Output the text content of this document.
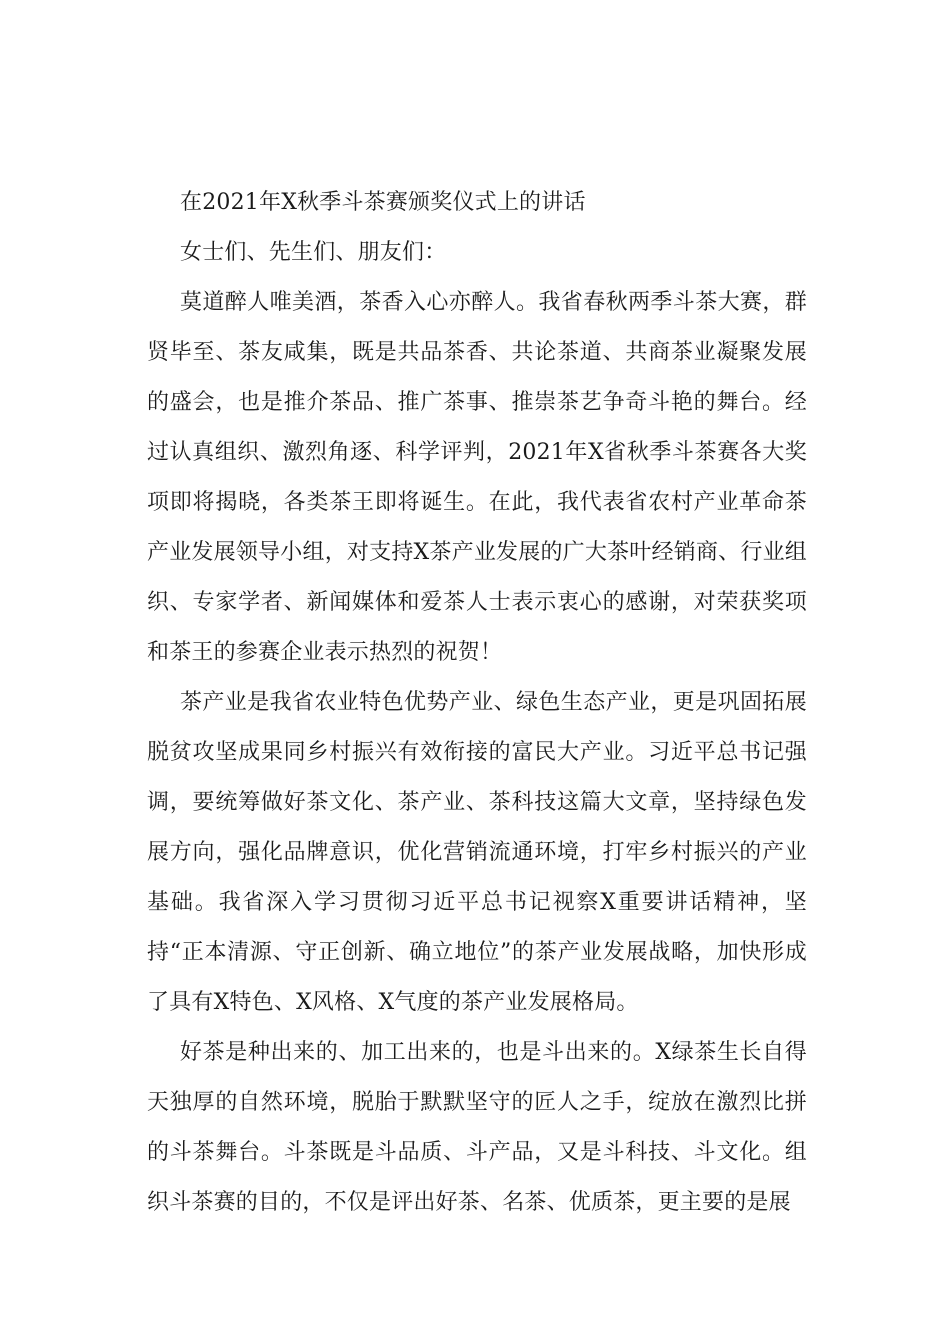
在2021年X秋季斗茶赛颁奖仪式上的讲话

女士们、先生们、朋友们：

莫道醉人唯美酒，茶香入心亦醉人。我省春秋两季斗茶大赛，群贤毕至、茶友咸集，既是共品茶香、共论茶道、共商茶业凝聚发展的盛会，也是推介茶品、推广茶事、推崇茶艺争奇斗艳的舞台。经过认真组织、激烈角逐、科学评判，2021年X省秋季斗茶赛各大奖项即将揭晓，各类茶王即将诞生。在此，我代表省农村产业革命茶产业发展领导小组，对支持X茶产业发展的广大茶叶经销商、行业组织、专家学者、新闻媒体和爱茶人士表示衷心的感谢，对荣获奖项和茶王的参赛企业表示热烈的祝贺！

茶产业是我省农业特色优势产业、绿色生态产业，更是巩固拓展脱贫攻坚成果同乡村振兴有效衔接的富民大产业。习近平总书记强调，要统筹做好茶文化、茶产业、茶科技这篇大文章，坚持绿色发展方向，强化品牌意识，优化营销流通环境，打牢乡村振兴的产业基础。我省深入学习贯彻习近平总书记视察X重要讲话精神，坚持“正本清源、守正创新、确立地位”的茶产业发展战略，加快形成了具有X特色、X风格、X气度的茶产业发展格局。

好茶是种出来的、加工出来的，也是斗出来的。X绿茶生长自得天独厚的自然环境，脱胎于默默坚守的匠人之手，绽放在激烈比拼的斗茶舞台。斗茶既是斗品质、斗产品，又是斗科技、斗文化。组织斗茶赛的目的，不仅是评出好茶、名茶、优质茶，更主要的是展
